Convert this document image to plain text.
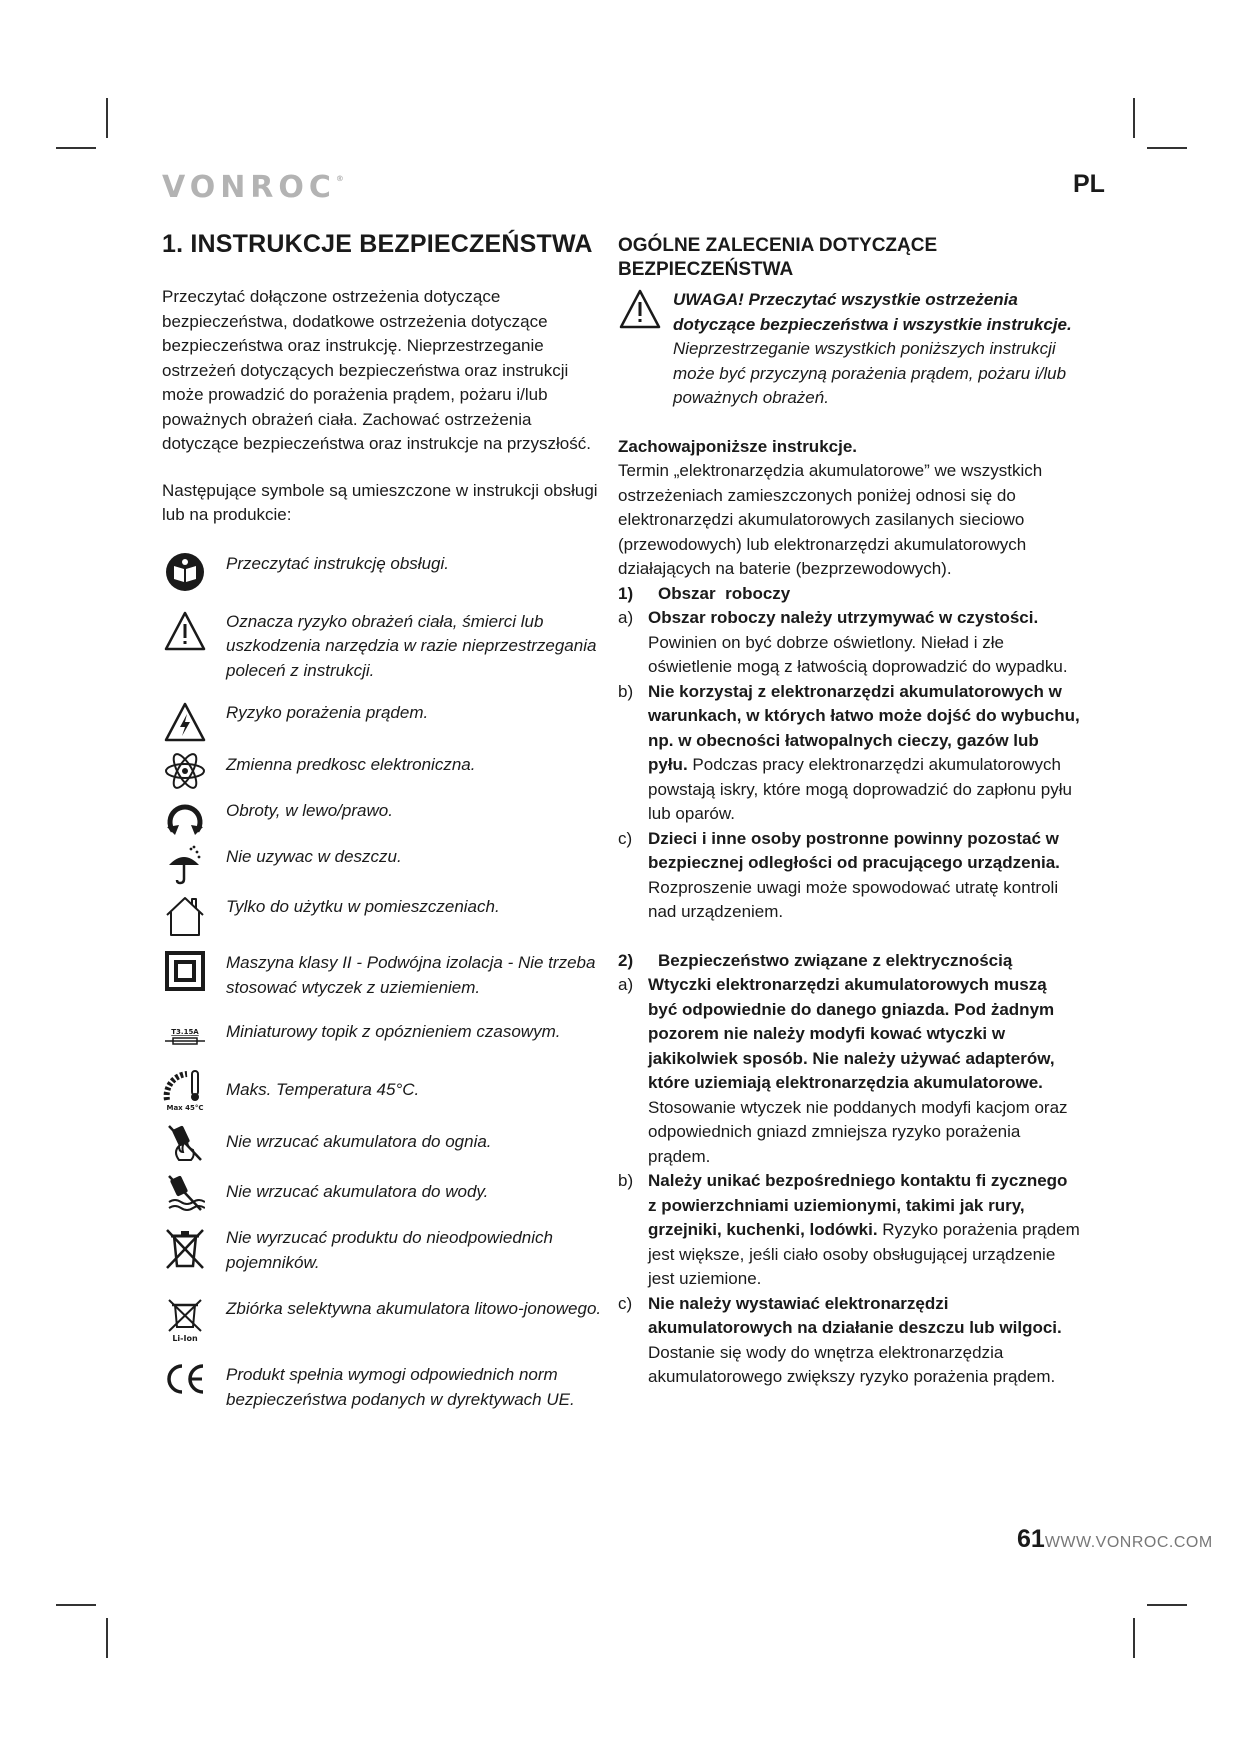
VONROC®	PL
1. INSTRUKCJE BEZPIECZEŃSTWA

Przeczytać dołączone ostrzeżenia dotyczące bezpieczeństwa, dodatkowe ostrzeżenia dotyczące bezpieczeństwa oraz instrukcję. Nieprzestrzeganie ostrzeżeń dotyczących bezpieczeństwa oraz instrukcji może prowadzić do porażenia prądem, pożaru i/lub poważnych obrażeń ciała. Zachować ostrzeżenia dotyczące bezpieczeństwa oraz instrukcje na przyszłość.

Następujące symbole są umieszczone w instrukcji obsługi lub na produkcie:

Przeczytać instrukcję obsługi.
Oznacza ryzyko obrażeń ciała, śmierci lub uszkodzenia narzędzia w razie nieprzestrzegania poleceń z instrukcji.
Ryzyko porażenia prądem.
Zmienna predkosc elektroniczna.
Obroty, w lewo/prawo.
Nie uzywac w deszczu.
Tylko do użytku w pomieszczeniach.
Maszyna klasy II - Podwójna izolacja - Nie trzeba stosować wtyczek z uziemieniem.
T3.15A Miniaturowy topik z opóznieniem czasowym.
Max 45°C
Maks. Temperatura 45°C.
Nie wrzucać akumulatora do ognia.
Nie wrzucać akumulatora do wody.
Nie wyrzucać produktu do nieodpowiednich pojemników.
Li-Ion
Zbiórka selektywna akumulatora litowo-jonowego.
Produkt spełnia wymogi odpowiednich norm bezpieczeństwa podanych w dyrektywach UE.
OGÓLNE ZALECENIA DOTYCZĄCE BEZPIECZEŃSTWA
UWAGA! Przeczytać wszystkie ostrzeżenia dotyczące bezpieczeństwa i wszystkie instrukcje. Nieprzestrzeganie wszystkich poniższych instrukcji może być przyczyną porażenia prądem, pożaru i/lub poważnych obrażeń.
Zachowajponiższe instrukcje.

Termin „elektronarzędzia akumulatorowe” we wszystkich ostrzeżeniach zamieszczonych poniżej odnosi się do elektronarzędzi akumulatorowych zasilanych sieciowo (przewodowych) lub elektronarzędzi akumulatorowych działających na baterie (bezprzewodowych).

1)	Obszar  roboczy
a) Obszar roboczy należy utrzymywać w czystości. Powinien on być dobrze oświetlony. Nieład i złe oświetlenie mogą z łatwością doprowadzić do wypadku.
b) Nie korzystaj z elektronarzędzi akumulatorowych w warunkach, w których łatwo może dojść do wybuchu, np. w obecności łatwopalnych cieczy, gazów lub pyłu. Podczas pracy elektronarzędzi akumulatorowych powstają iskry, które mogą doprowadzić do zapłonu pyłu lub oparów.
c) Dzieci i inne osoby postronne powinny pozostać w bezpiecznej odległości od pracującego urządzenia. Rozproszenie uwagi może spowodować utratę kontroli nad urządzeniem.
2)	Bezpieczeństwo związane z elektrycznością
a) Wtyczki elektronarzędzi akumulatorowych muszą być odpowiednie do danego gniazda. Pod żadnym pozorem nie należy modyfi kować wtyczki w jakikolwiek sposób. Nie należy używać adapterów, które uziemiają elektronarzędzia akumulatorowe. Stosowanie wtyczek nie poddanych modyfi kacjom oraz odpowiednich gniazd zmniejsza ryzyko porażenia prądem.
b) Należy unikać bezpośredniego kontaktu fi zycznego z powierzchniami uziemionymi, takimi jak rury, grzejniki, kuchenki, lodówki. Ryzyko porażenia prądem jest większe, jeśli ciało osoby obsługującej urządzenie jest uziemione.
c) Nie należy wystawiać elektronarzędzi akumulatorowych na działanie deszczu lub wilgoci. Dostanie się wody do wnętrza elektronarzędzia akumulatorowego zwiększy ryzyko porażenia prądem.
61WWW.VONROC.COM
